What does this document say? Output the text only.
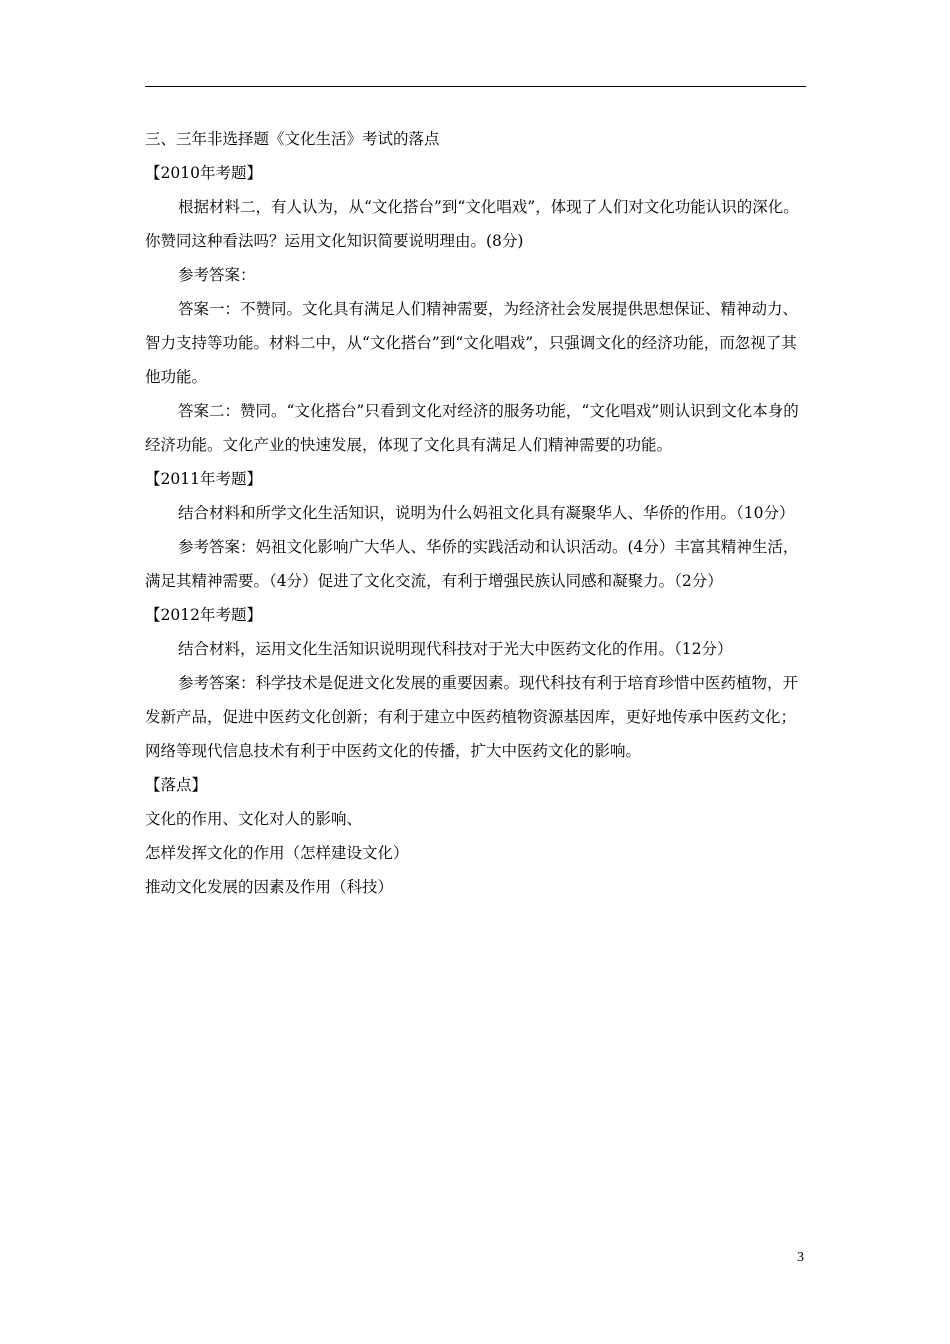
三、三年非选择题《文化生活》考试的落点
【2010年考题】

根据材料二，有人认为，从“文化搭台”到“文化唱戏”，体现了人们对文化功能认识的深化。你赞同这种看法吗？运用文化知识简要说明理由。(8分)

参考答案：

答案一：不赞同。文化具有满足人们精神需要，为经济社会发展提供思想保证、精神动力、智力支持等功能。材料二中，从“文化搭台”到“文化唱戏”，只强调文化的经济功能，而忽视了其他功能。

答案二：赞同。“文化搭台”只看到文化对经济的服务功能，“文化唱戏”则认识到文化本身的经济功能。文化产业的快速发展，体现了文化具有满足人们精神需要的功能。

【2011年考题】

结合材料和所学文化生活知识，说明为什么妈祖文化具有凝聚华人、华侨的作用。（10分）

参考答案：妈祖文化影响广大华人、华侨的实践活动和认识活动。(4分）丰富其精神生活，满足其精神需要。（4分）促进了文化交流，有利于增强民族认同感和凝聚力。（2分）

【2012年考题】

结合材料，运用文化生活知识说明现代科技对于光大中医药文化的作用。（12分）

参考答案：科学技术是促进文化发展的重要因素。现代科技有利于培育珍惜中医药植物，开发新产品，促进中医药文化创新；有利于建立中医药植物资源基因库，更好地传承中医药文化；网络等现代信息技术有利于中医药文化的传播，扩大中医药文化的影响。

【落点】
文化的作用、文化对人的影响、
怎样发挥文化的作用（怎样建设文化）
推动文化发展的因素及作用（科技）
3
